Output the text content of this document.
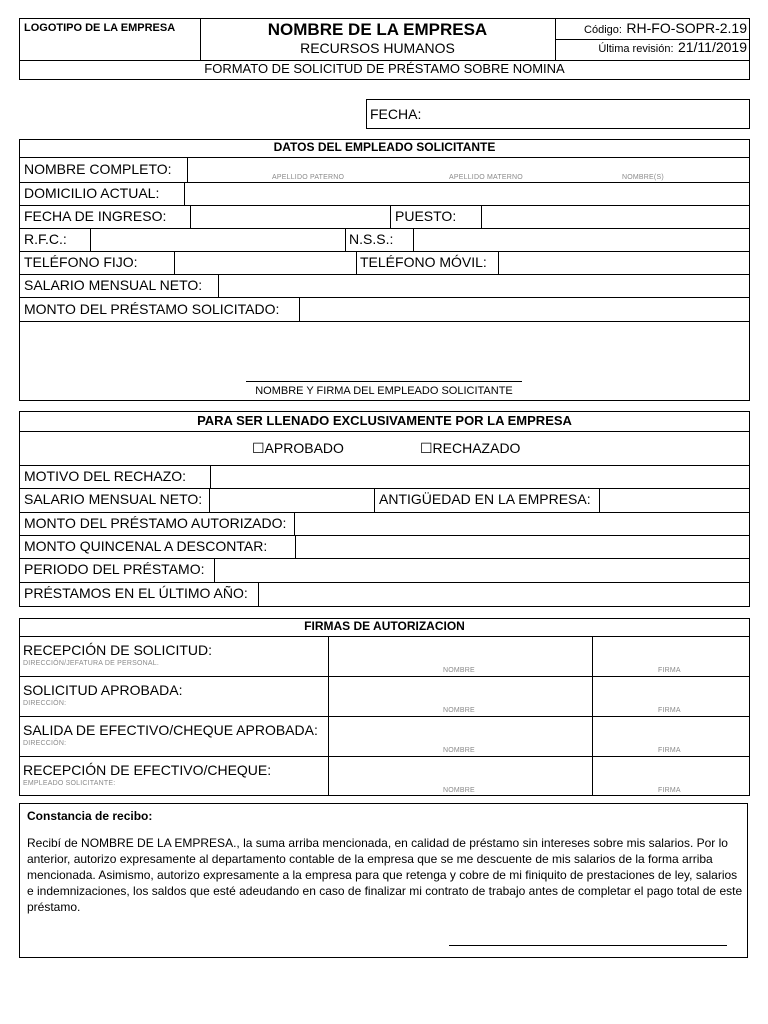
LOGOTIPO DE LA EMPRESA	NOMBRE DE LA EMPRESA
RECURSOS HUMANOS
Código: RH-FO-SOPR-2.19
Última revisión: 21/11/2019
FORMATO DE SOLICITUD DE PRÉSTAMO SOBRE NOMINA
FECHA:
DATOS DEL EMPLEADO SOLICITANTE
NOMBRE COMPLETO:
APELLIDO PATERNO	APELLIDO MATERNO	NOMBRE(S)
DOMICILIO ACTUAL:
FECHA DE INGRESO:	PUESTO:
R.F.C.:	N.S.S.:
TELÉFONO FIJO:	TELÉFONO MÓVIL:
SALARIO MENSUAL NETO:
MONTO DEL PRÉSTAMO SOLICITADO:
NOMBRE Y FIRMA DEL EMPLEADO SOLICITANTE
PARA SER LLENADO EXCLUSIVAMENTE POR LA EMPRESA
☐APROBADO	☐RECHAZADO
MOTIVO DEL RECHAZO:
SALARIO MENSUAL NETO:	ANTIGÜEDAD EN LA EMPRESA:
MONTO DEL PRÉSTAMO AUTORIZADO:
MONTO QUINCENAL A DESCONTAR:
PERIODO DEL PRÉSTAMO:
PRÉSTAMOS EN EL ÚLTIMO AÑO:
FIRMAS DE AUTORIZACION
RECEPCIÓN DE SOLICITUD:
DIRECCIÓN/JEFATURA DE PERSONAL.
NOMBRE	FIRMA
SOLICITUD APROBADA:
DIRECCIÓN:
NOMBRE	FIRMA
SALIDA DE EFECTIVO/CHEQUE APROBADA:
DIRECCIÓN:
NOMBRE	FIRMA
RECEPCIÓN DE EFECTIVO/CHEQUE:
EMPLEADO SOLICITANTE:
NOMBRE	FIRMA
Constancia de recibo:
Recibí de NOMBRE DE LA EMPRESA., la suma arriba mencionada, en calidad de préstamo sin intereses sobre mis salarios. Por lo anterior, autorizo expresamente al departamento contable de la empresa que se me descuente de mis salarios de la forma arriba mencionada. Asimismo, autorizo expresamente a la empresa para que retenga y cobre de mi finiquito de prestaciones de ley, salarios e indemnizaciones, los saldos que esté adeudando en caso de finalizar mi contrato de trabajo antes de completar el pago total de este préstamo.
